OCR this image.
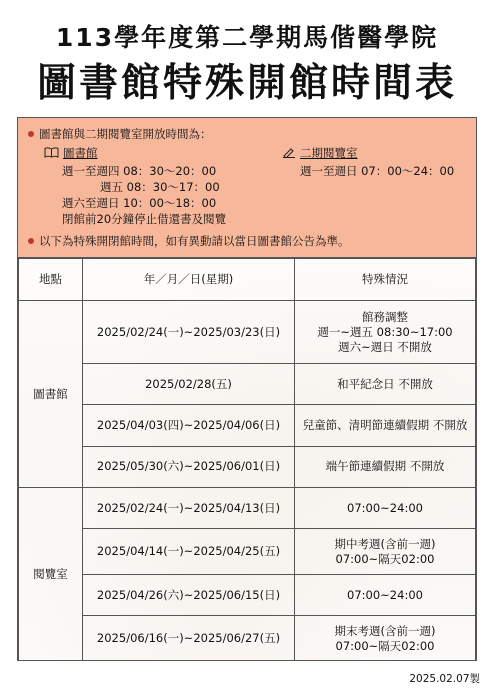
113學年度第二學期馬偕醫學院
圖書館特殊開館時間表
圖書館與二期閱覽室開放時間為：
圖書館
週一至週四 08：30～20：00
週五 08：30～17：00
週六至週日 10：00～18：00
閉館前20分鐘停止借還書及閱覽
二期閱覽室
週一至週日 07：00～24：00
以下為特殊開閉館時間，如有異動請以當日圖書館公告為準。
地點	年／月／日(星期)	特殊情況
圖書館	2025/02/24(一)~2025/03/23(日)	館務調整
週一~週五 08:30~17:00
週六~週日 不開放

	2025/02/28(五)	和平紀念日 不開放

	2025/04/03(四)~2025/04/06(日)	兒童節、清明節連續假期 不開放

	2025/05/30(六)~2025/06/01(日)	端午節連續假期 不開放

閱覽室	2025/02/24(一)~2025/04/13(日)	07:00~24:00

	2025/04/14(一)~2025/04/25(五)	期中考週(含前一週)
07:00~隔天02:00

	2025/04/26(六)~2025/06/15(日)	07:00~24:00

	2025/06/16(一)~2025/06/27(五)	期末考週(含前一週)
07:00~隔天02:00
2025.02.07製
